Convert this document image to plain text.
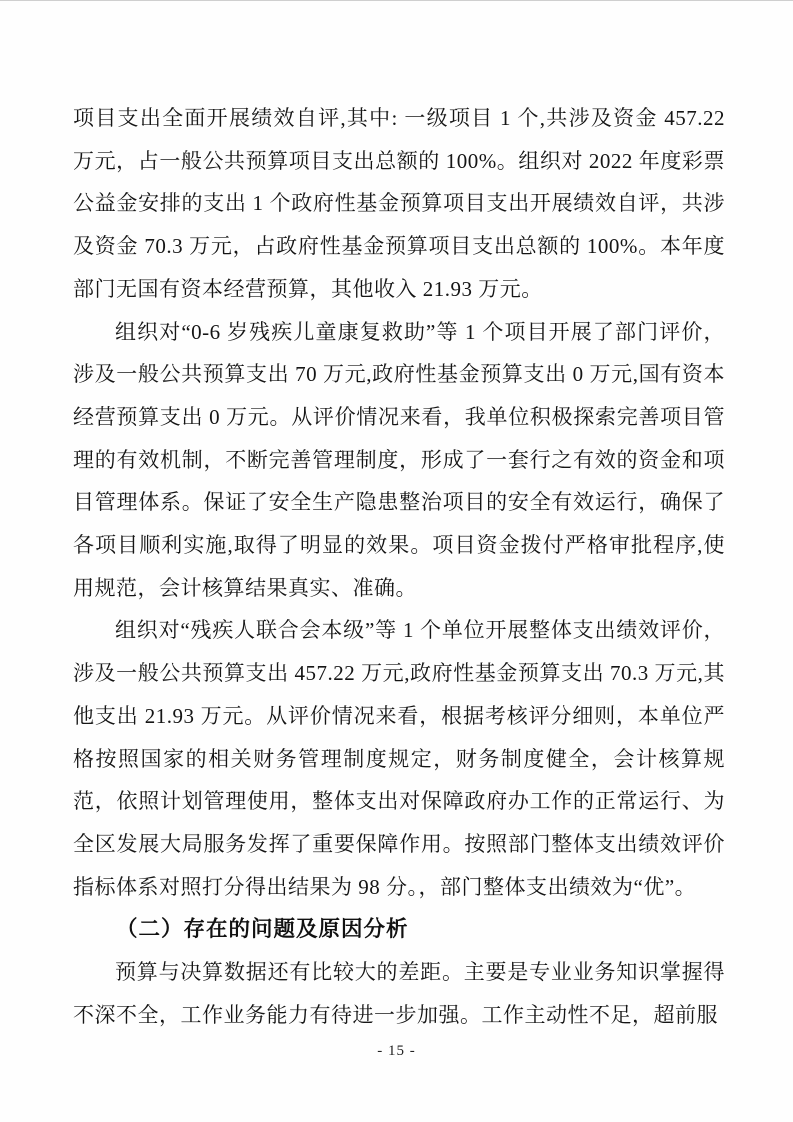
项目支出全面开展绩效自评,其中: 一级项目 1 个,共涉及资金 457.22 万元，占一般公共预算项目支出总额的 100%。组织对 2022 年度彩票公益金安排的支出 1 个政府性基金预算项目支出开展绩效自评，共涉及资金 70.3 万元，占政府性基金预算项目支出总额的 100%。本年度部门无国有资本经营预算，其他收入 21.93 万元。

组织对“0-6 岁残疾儿童康复救助”等 1 个项目开展了部门评价，涉及一般公共预算支出 70 万元,政府性基金预算支出 0 万元,国有资本经营预算支出 0 万元。从评价情况来看，我单位积极探索完善项目管理的有效机制，不断完善管理制度，形成了一套行之有效的资金和项目管理体系。保证了安全生产隐患整治项目的安全有效运行，确保了各项目顺利实施,取得了明显的效果。项目资金拨付严格审批程序,使用规范，会计核算结果真实、准确。

组织对“残疾人联合会本级”等 1 个单位开展整体支出绩效评价，涉及一般公共预算支出 457.22 万元,政府性基金预算支出 70.3 万元,其他支出 21.93 万元。从评价情况来看，根据考核评分细则，本单位严格按照国家的相关财务管理制度规定，财务制度健全，会计核算规范，依照计划管理使用，整体支出对保障政府办工作的正常运行、为全区发展大局服务发挥了重要保障作用。按照部门整体支出绩效评价指标体系对照打分得出结果为 98 分。，部门整体支出绩效为“优”。

（二）存在的问题及原因分析

预算与决算数据还有比较大的差距。主要是专业业务知识掌握得不深不全，工作业务能力有待进一步加强。工作主动性不足，超前服

- 15 -
